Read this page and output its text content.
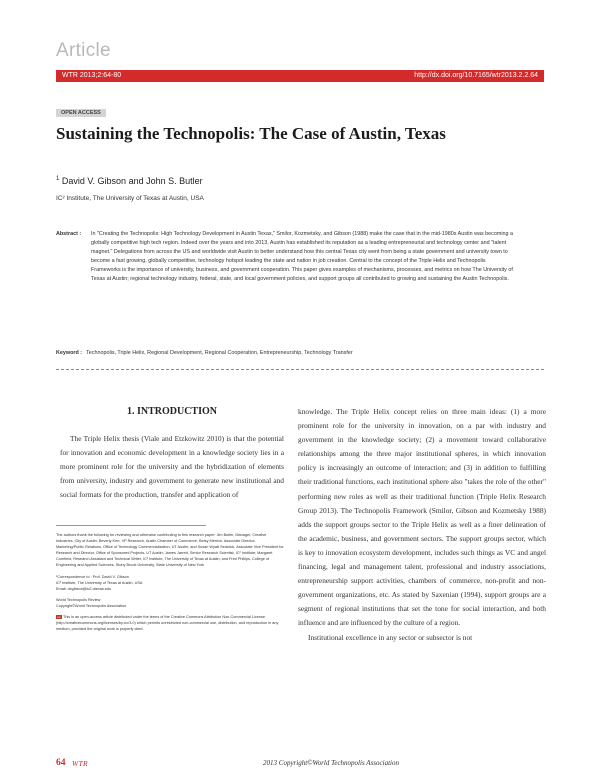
Article
WTR 2013;2:64-80	http://dx.doi.org/10.7165/wtr2013.2.2.64
OPEN ACCESS
Sustaining the Technopolis: The Case of Austin, Texas
$^1$ David V. Gibson and John S. Butler
IC² Institute, The University of Texas at Austin, USA
Abstract : In "Creating the Technopolis: High Technology Development in Austin Texas," Smilor, Kozmetsky, and Gibson (1988) make the case that in the mid-1980s Austin was becoming a globally competitive high tech region. Indeed over the years and into 2013, Austin has established its reputation as a leading entrepreneurial and technology center and "talent magnet." Delegations from across the US and worldwide visit Austin to better understand how this central Texas city went from being a state government and university town to become a fast growing, globally competitive, technology hotspot leading the state and nation in job creation. Central to the concept of the Triple Helix and Technopolis Frameworks is the importance of university, business, and government cooperation. This paper gives examples of mechanisms, processes, and metrics on how The University of Texas at Austin; regional technology industry, federal, state, and local government policies, and support groups all contributed to growing and sustaining the Austin Technopolis.
Keyword : Technopolis, Triple Helix, Regional Development, Regional Cooperation, Entrepreneurship, Technology Transfer
1. INTRODUCTION
The Triple Helix thesis (Viale and Etzkowitz 2010) is that the potential for innovation and economic development in a knowledge society lies in a more prominent role for the university and the hybridization of elements from university, industry and government to generate new institutional and social formats for the production, transfer and application of

knowledge. The Triple Helix concept relies on three main ideas: (1) a more prominent role for the university in innovation, on a par with industry and government in the knowledge society; (2) a movement toward collaborative relationships among the three major institutional spheres, in which innovation policy is increasingly an outcome of interaction; and (3) in addition to fulfilling their traditional functions, each institutional sphere also "takes the role of the other" performing new roles as well as their traditional function (Triple Helix Research Group 2013). The Technopolis Framework (Smilor, Gibson and Kozmetsky 1988) adds the support groups sector to the Triple Helix as well as a finer delineation of the academic, business, and government sectors. The support groups sector, which is key to innovation ecosystem development, includes such things as VC and angel financing, legal and management talent, professional and industry associations, entrepreneurship support activities, chambers of commerce, non-profit and non-government organizations, etc. As stated by Saxenian (1994), support groups are a segment of regional institutions that set the tone for social interaction, and both influence and are influenced by the culture of a region.

Institutional excellence in any sector or subsector is not

The authors thank the following for reviewing and otherwise contributing to this research paper: Jim Butler, Manager, Creative Industries, City of Austin; Beverly Kerr, VP Research, Austin Chamber of Commerce; Betsy Merrick, Associate Director, Marketing/Public Relations, Office of Technology Commercialization, UT Austin; and Susan Wyatt Sedwick, Associate Vice President for Research and Director, Office of Sponsored Projects, UT Austin; James Jarrett, Senior Research Scientist, IC² Institute; Margaret Cornfield, Research Assistant and Technical Writer, IC² Institute, The University of Texas at Austin; and Fred Phillips, College of Engineering and Applied Sciences, Stony Brook University, State University of New York

¹Correspondence to : Prof. David V. Gibson

IC² Institute, The University of Texas at Austin, USA

Email: dvgibson@ic2.utexas.edu

World Technopolis Review

Copyright©World Technopolis Association

cc This is an open-access article distributed under the terms of the Creative Commons Attribution Non-Commercial License (http://creativecommons.org/licenses/by-nc/3.0) which permits unrestricted non-commercial use, distribution, and reproduction in any medium, provided the original work is properly cited.

64 WTR	2013 Copyright©World Technopolis Association
